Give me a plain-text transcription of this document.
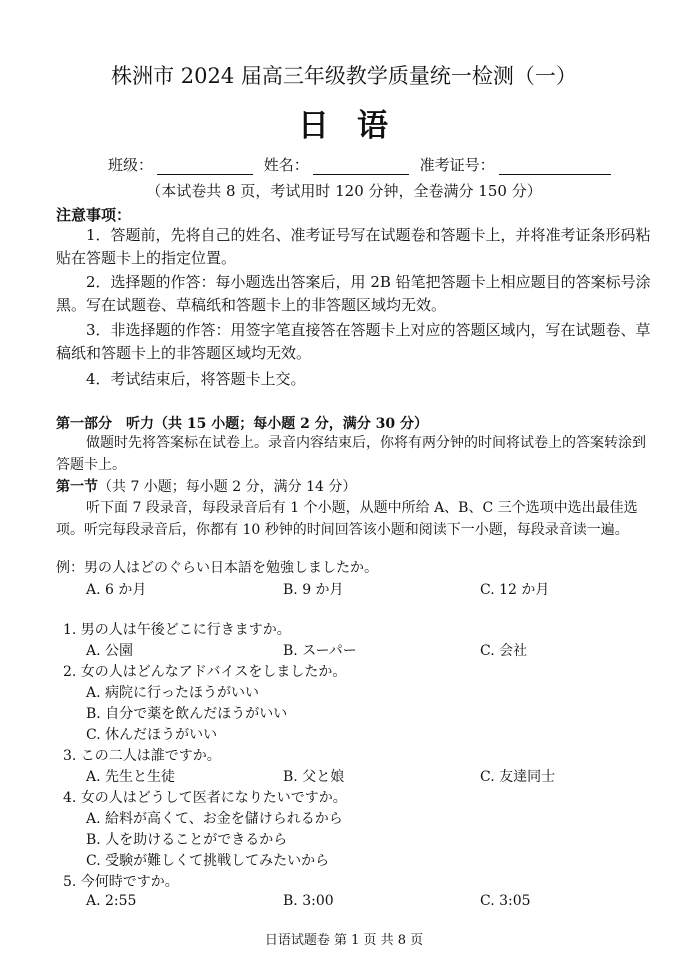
株洲市 2024 届高三年级教学质量统一检测（一）
日 语
班级：	姓名：	准考证号：
（本试卷共 8 页，考试用时 120 分钟，全卷满分 150 分）
注意事项：
1．答题前，先将自己的姓名、准考证号写在试题卷和答题卡上，并将准考证条形码粘贴在答题卡上的指定位置。
2．选择题的作答：每小题选出答案后，用 2B 铅笔把答题卡上相应题目的答案标号涂黑。写在试题卷、草稿纸和答题卡上的非答题区域均无效。
3．非选择题的作答：用签字笔直接答在答题卡上对应的答题区域内，写在试题卷、草稿纸和答题卡上的非答题区域均无效。
4．考试结束后，将答题卡上交。
第一部分　听力（共 15 小题；每小题 2 分，满分 30 分）
做题时先将答案标在试卷上。录音内容结束后，你将有两分钟的时间将试卷上的答案转涂到答题卡上。
第一节（共 7 小题；每小题 2 分，满分 14 分）
听下面 7 段录音，每段录音后有 1 个小题，从题中所给 A、B、C 三个选项中选出最佳选项。听完每段录音后，你都有 10 秒钟的时间回答该小题和阅读下一小题，每段录音读一遍。
例：男の人はどのぐらい日本語を勉強しましたか。
A. 6 か月	B. 9 か月	C. 12 か月
1. 男の人は午後どこに行きますか。
A. 公園	B. スーパー	C. 会社
2. 女の人はどんなアドバイスをしましたか。
A. 病院に行ったほうがいい
B. 自分で薬を飲んだほうがいい
C. 休んだほうがいい
3. この二人は誰ですか。
A. 先生と生徒	B. 父と娘	C. 友達同士
4. 女の人はどうして医者になりたいですか。
A. 給料が高くて、お金を儲けられるから
B. 人を助けることができるから
C. 受験が難しくて挑戦してみたいから
5. 今何時ですか。
A. 2:55	B. 3:00	C. 3:05
日语试题卷 第 1 页 共 8 页
